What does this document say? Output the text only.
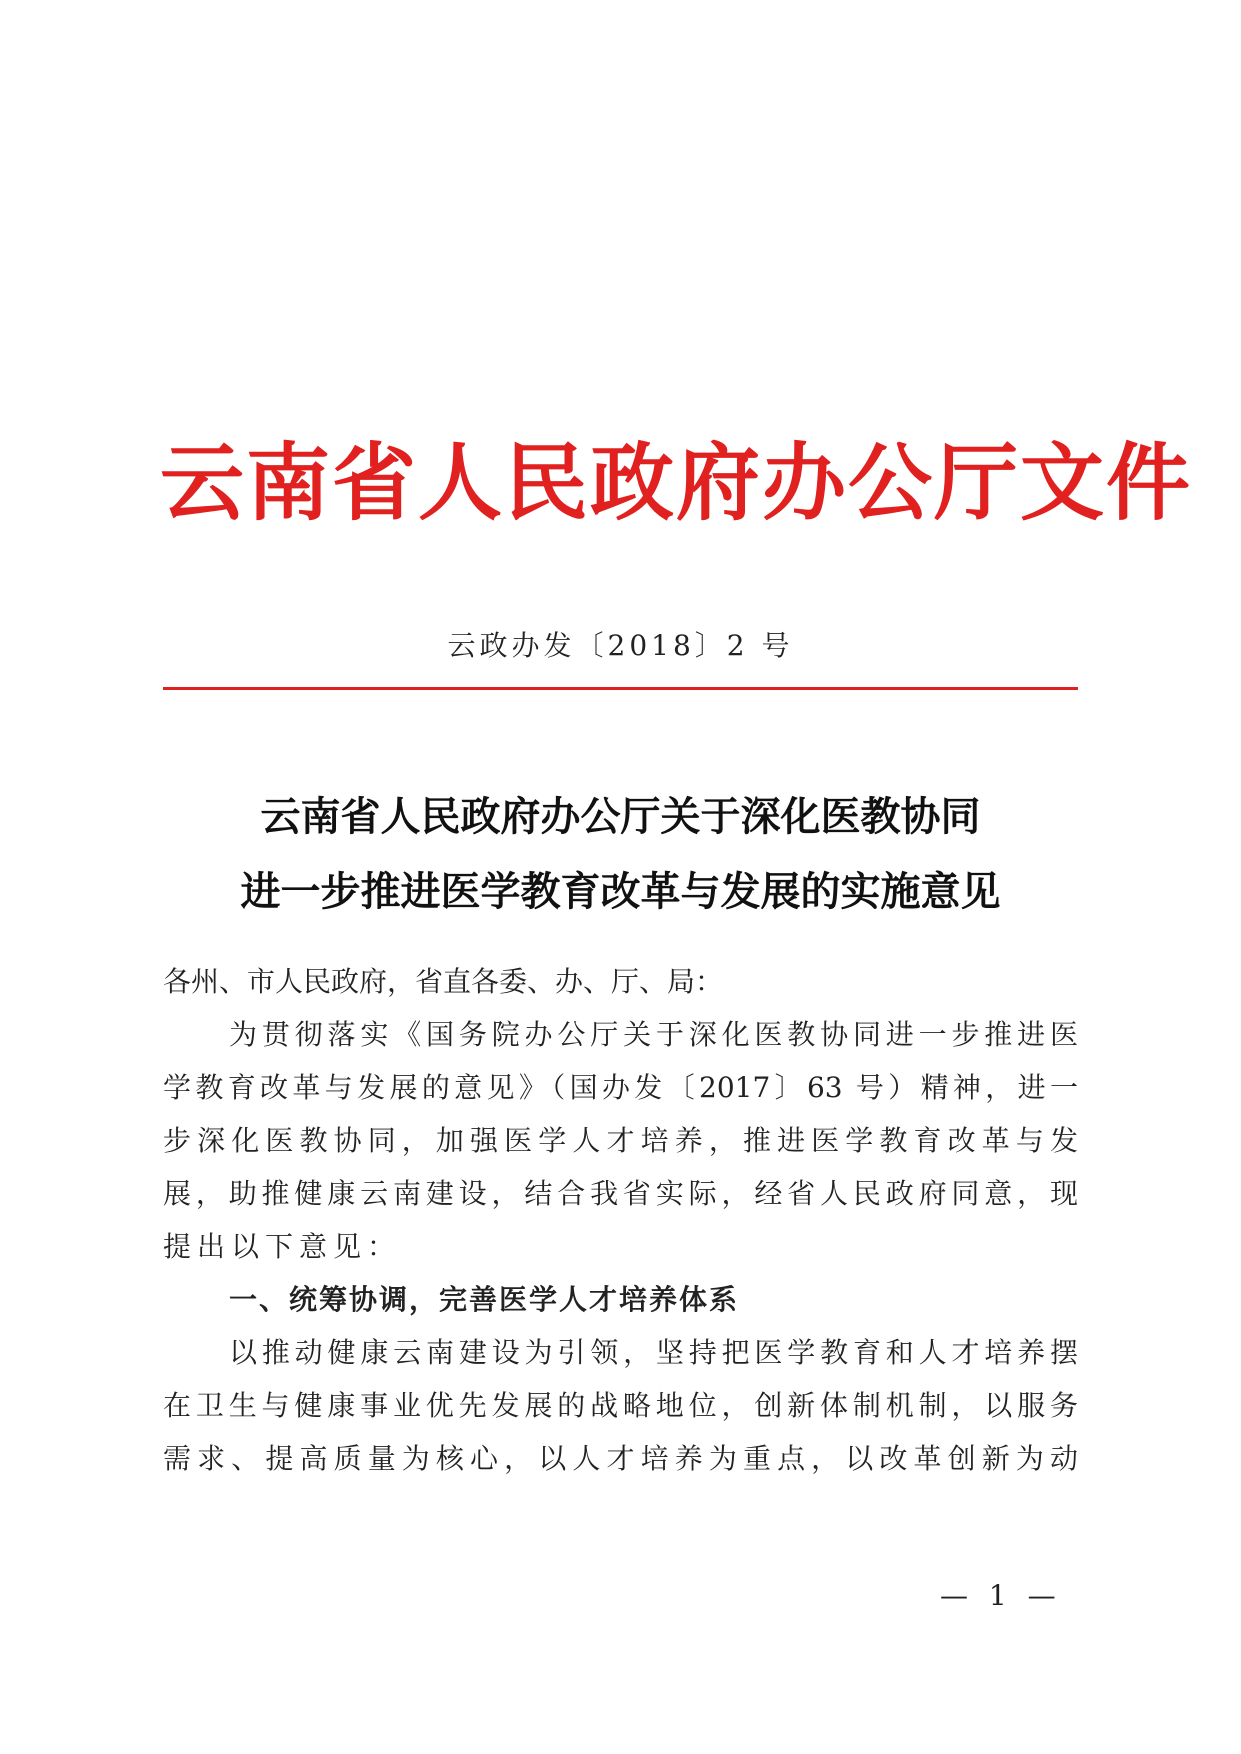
云南省人民政府办公厅文件
云政办发〔2018〕2 号
云南省人民政府办公厅关于深化医教协同
进一步推进医学教育改革与发展的实施意见
各州、市人民政府，省直各委、办、厅、局：
为贯彻落实《国务院办公厅关于深化医教协同进一步推进医
学教育改革与发展的意见》（国办发〔2017〕63 号）精神，进一
步深化医教协同，加强医学人才培养，推进医学教育改革与发
展，助推健康云南建设，结合我省实际，经省人民政府同意，现
提出以下意见：
一、统筹协调，完善医学人才培养体系
以推动健康云南建设为引领，坚持把医学教育和人才培养摆
在卫生与健康事业优先发展的战略地位，创新体制机制，以服务
需求、提高质量为核心，以人才培养为重点，以改革创新为动
— 1 —
